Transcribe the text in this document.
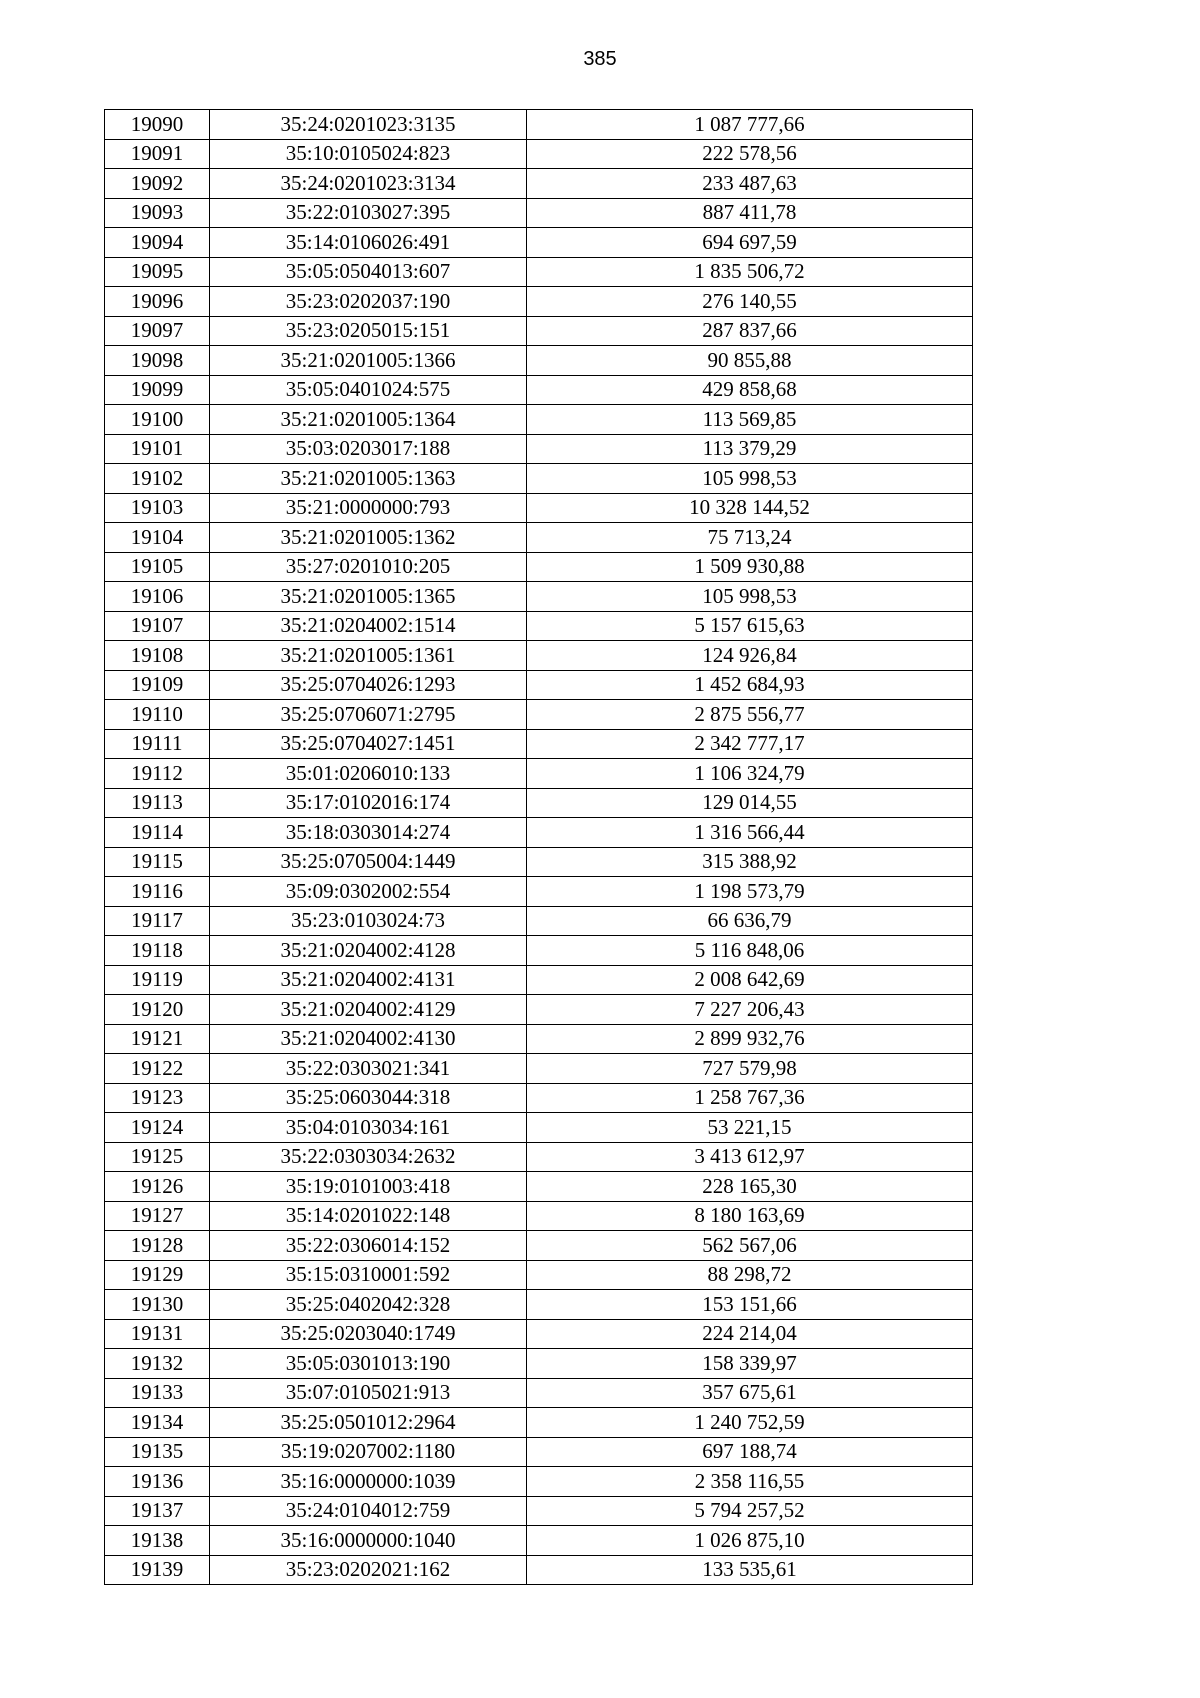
385
19090	35:24:0201023:3135	1 087 777,66
19091	35:10:0105024:823	222 578,56
19092	35:24:0201023:3134	233 487,63
19093	35:22:0103027:395	887 411,78
19094	35:14:0106026:491	694 697,59
19095	35:05:0504013:607	1 835 506,72
19096	35:23:0202037:190	276 140,55
19097	35:23:0205015:151	287 837,66
19098	35:21:0201005:1366	90 855,88
19099	35:05:0401024:575	429 858,68
19100	35:21:0201005:1364	113 569,85
19101	35:03:0203017:188	113 379,29
19102	35:21:0201005:1363	105 998,53
19103	35:21:0000000:793	10 328 144,52
19104	35:21:0201005:1362	75 713,24
19105	35:27:0201010:205	1 509 930,88
19106	35:21:0201005:1365	105 998,53
19107	35:21:0204002:1514	5 157 615,63
19108	35:21:0201005:1361	124 926,84
19109	35:25:0704026:1293	1 452 684,93
19110	35:25:0706071:2795	2 875 556,77
19111	35:25:0704027:1451	2 342 777,17
19112	35:01:0206010:133	1 106 324,79
19113	35:17:0102016:174	129 014,55
19114	35:18:0303014:274	1 316 566,44
19115	35:25:0705004:1449	315 388,92
19116	35:09:0302002:554	1 198 573,79
19117	35:23:0103024:73	66 636,79
19118	35:21:0204002:4128	5 116 848,06
19119	35:21:0204002:4131	2 008 642,69
19120	35:21:0204002:4129	7 227 206,43
19121	35:21:0204002:4130	2 899 932,76
19122	35:22:0303021:341	727 579,98
19123	35:25:0603044:318	1 258 767,36
19124	35:04:0103034:161	53 221,15
19125	35:22:0303034:2632	3 413 612,97
19126	35:19:0101003:418	228 165,30
19127	35:14:0201022:148	8 180 163,69
19128	35:22:0306014:152	562 567,06
19129	35:15:0310001:592	88 298,72
19130	35:25:0402042:328	153 151,66
19131	35:25:0203040:1749	224 214,04
19132	35:05:0301013:190	158 339,97
19133	35:07:0105021:913	357 675,61
19134	35:25:0501012:2964	1 240 752,59
19135	35:19:0207002:1180	697 188,74
19136	35:16:0000000:1039	2 358 116,55
19137	35:24:0104012:759	5 794 257,52
19138	35:16:0000000:1040	1 026 875,10
19139	35:23:0202021:162	133 535,61
